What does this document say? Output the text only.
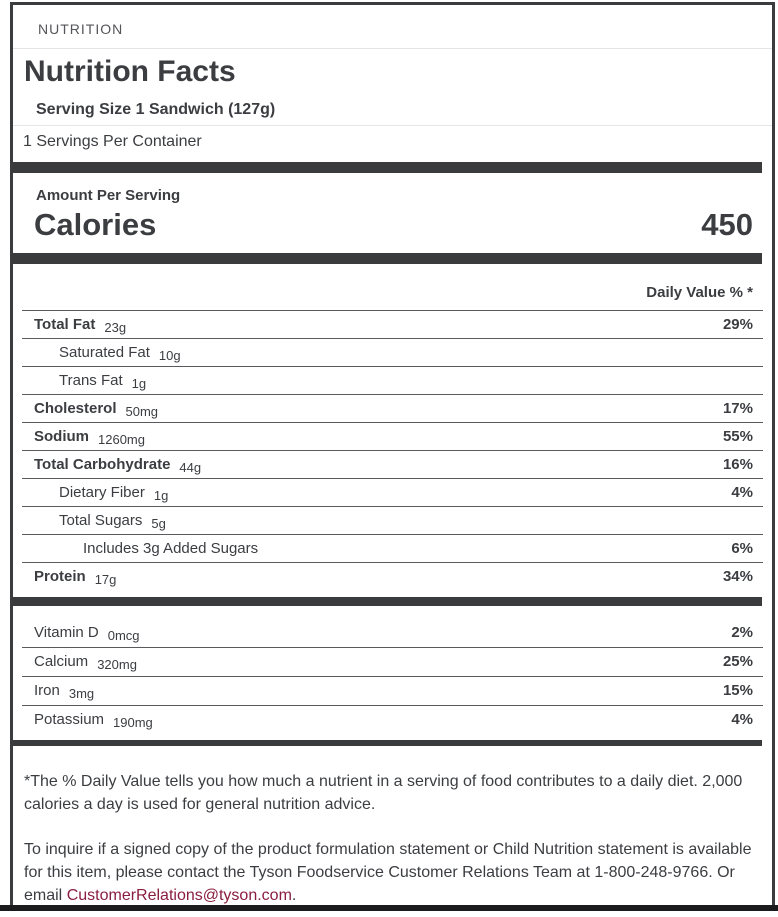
NUTRITION
Nutrition Facts
Serving Size 1 Sandwich (127g)
1 Servings Per Container
Amount Per Serving
Calories	450
Daily Value % *
Total Fat 23g	29%
Saturated Fat 10g
Trans Fat 1g
Cholesterol 50mg	17%
Sodium 1260mg	55%
Total Carbohydrate 44g	16%
Dietary Fiber 1g	4%
Total Sugars 5g
Includes 3g Added Sugars	6%
Protein 17g	34%
Vitamin D 0mcg	2%
Calcium 320mg	25%
Iron 3mg	15%
Potassium 190mg	4%

*The % Daily Value tells you how much a nutrient in a serving of food contributes to a daily diet. 2,000 calories a day is used for general nutrition advice.

To inquire if a signed copy of the product formulation statement or Child Nutrition statement is available for this item, please contact the Tyson Foodservice Customer Relations Team at 1-800-248-9766. Or email CustomerRelations@tyson.com.
